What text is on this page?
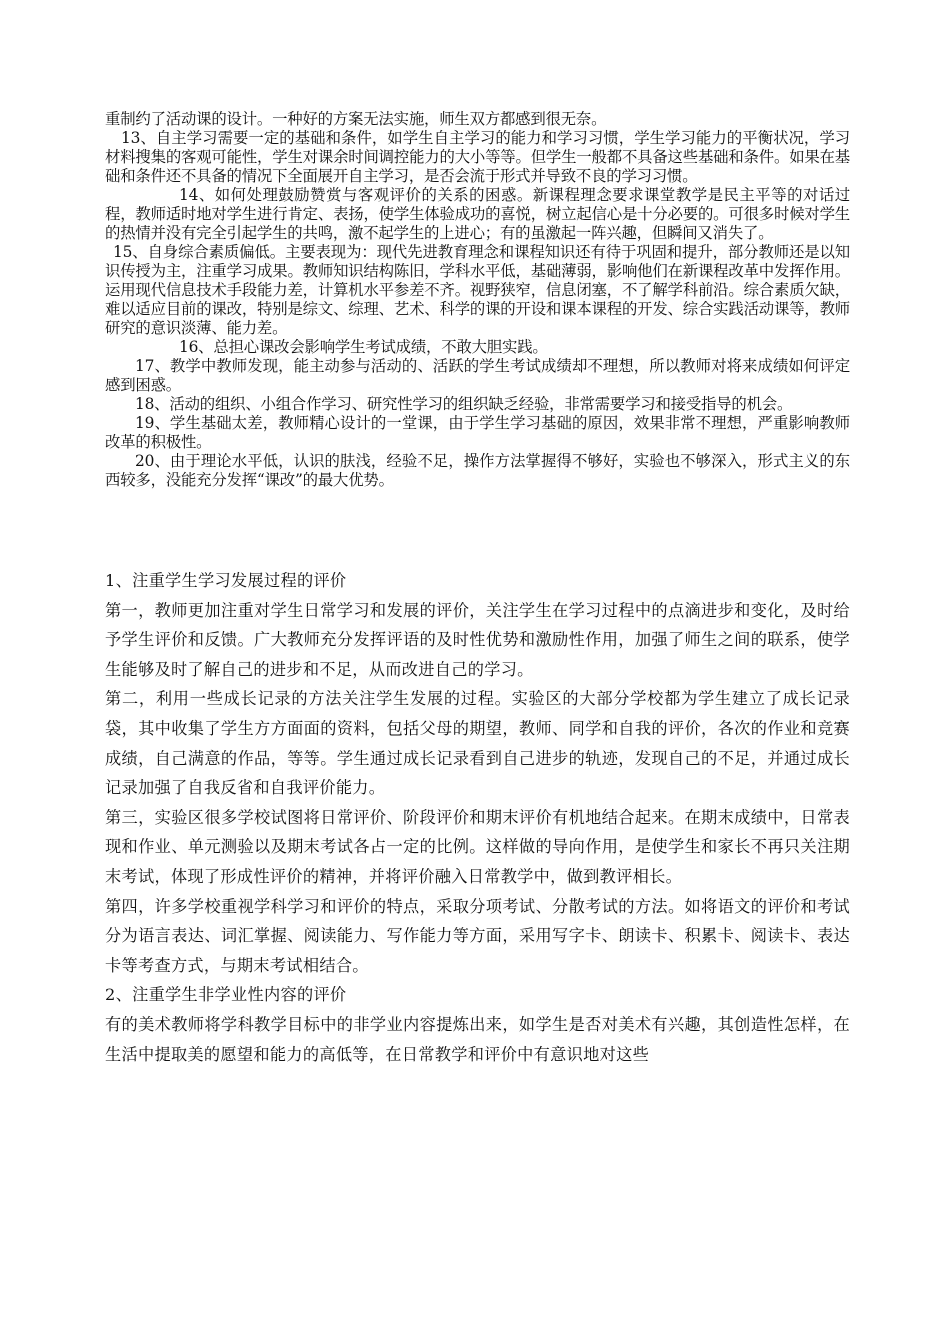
重制约了活动课的设计。一种好的方案无法实施，师生双方都感到很无奈。

13、自主学习需要一定的基础和条件，如学生自主学习的能力和学习习惯，学生学习能力的平衡状况，学习材料搜集的客观可能性，学生对课余时间调控能力的大小等等。但学生一般都不具备这些基础和条件。如果在基础和条件还不具备的情况下全面展开自主学习，是否会流于形式并导致不良的学习习惯。

14、如何处理鼓励赞赏与客观评价的关系的困惑。新课程理念要求课堂教学是民主平等的对话过程，教师适时地对学生进行肯定、表扬，使学生体验成功的喜悦，树立起信心是十分必要的。可很多时候对学生的热情并没有完全引起学生的共鸣，激不起学生的上进心；有的虽激起一阵兴趣，但瞬间又消失了。

15、自身综合素质偏低。主要表现为：现代先进教育理念和课程知识还有待于巩固和提升，部分教师还是以知识传授为主，注重学习成果。教师知识结构陈旧，学科水平低，基础薄弱，影响他们在新课程改革中发挥作用。运用现代信息技术手段能力差，计算机水平参差不齐。视野狭窄，信息闭塞，不了解学科前沿。综合素质欠缺，难以适应目前的课改，特别是综文、综理、艺术、科学的课的开设和课本课程的开发、综合实践活动课等，教师研究的意识淡薄、能力差。

16、总担心课改会影响学生考试成绩，不敢大胆实践。

17、教学中教师发现，能主动参与活动的、活跃的学生考试成绩却不理想，所以教师对将来成绩如何评定感到困惑。

18、活动的组织、小组合作学习、研究性学习的组织缺乏经验，非常需要学习和接受指导的机会。

19、学生基础太差，教师精心设计的一堂课，由于学生学习基础的原因，效果非常不理想，严重影响教师改革的积极性。

20、由于理论水平低，认识的肤浅，经验不足，操作方法掌握得不够好，实验也不够深入，形式主义的东西较多，没能充分发挥“课改”的最大优势。

1、注重学生学习发展过程的评价

第一，教师更加注重对学生日常学习和发展的评价，关注学生在学习过程中的点滴进步和变化，及时给予学生评价和反馈。广大教师充分发挥评语的及时性优势和激励性作用，加强了师生之间的联系，使学生能够及时了解自己的进步和不足，从而改进自己的学习。

第二，利用一些成长记录的方法关注学生发展的过程。实验区的大部分学校都为学生建立了成长记录袋，其中收集了学生方方面面的资料，包括父母的期望，教师、同学和自我的评价，各次的作业和竞赛成绩，自己满意的作品，等等。学生通过成长记录看到自己进步的轨迹，发现自己的不足，并通过成长记录加强了自我反省和自我评价能力。

第三，实验区很多学校试图将日常评价、阶段评价和期末评价有机地结合起来。在期末成绩中，日常表现和作业、单元测验以及期末考试各占一定的比例。这样做的导向作用，是使学生和家长不再只关注期末考试，体现了形成性评价的精神，并将评价融入日常教学中，做到教评相长。

第四，许多学校重视学科学习和评价的特点，采取分项考试、分散考试的方法。如将语文的评价和考试分为语言表达、词汇掌握、阅读能力、写作能力等方面，采用写字卡、朗读卡、积累卡、阅读卡、表达卡等考查方式，与期末考试相结合。

2、注重学生非学业性内容的评价

有的美术教师将学科教学目标中的非学业内容提炼出来，如学生是否对美术有兴趣，其创造性怎样，在生活中提取美的愿望和能力的高低等，在日常教学和评价中有意识地对这些
